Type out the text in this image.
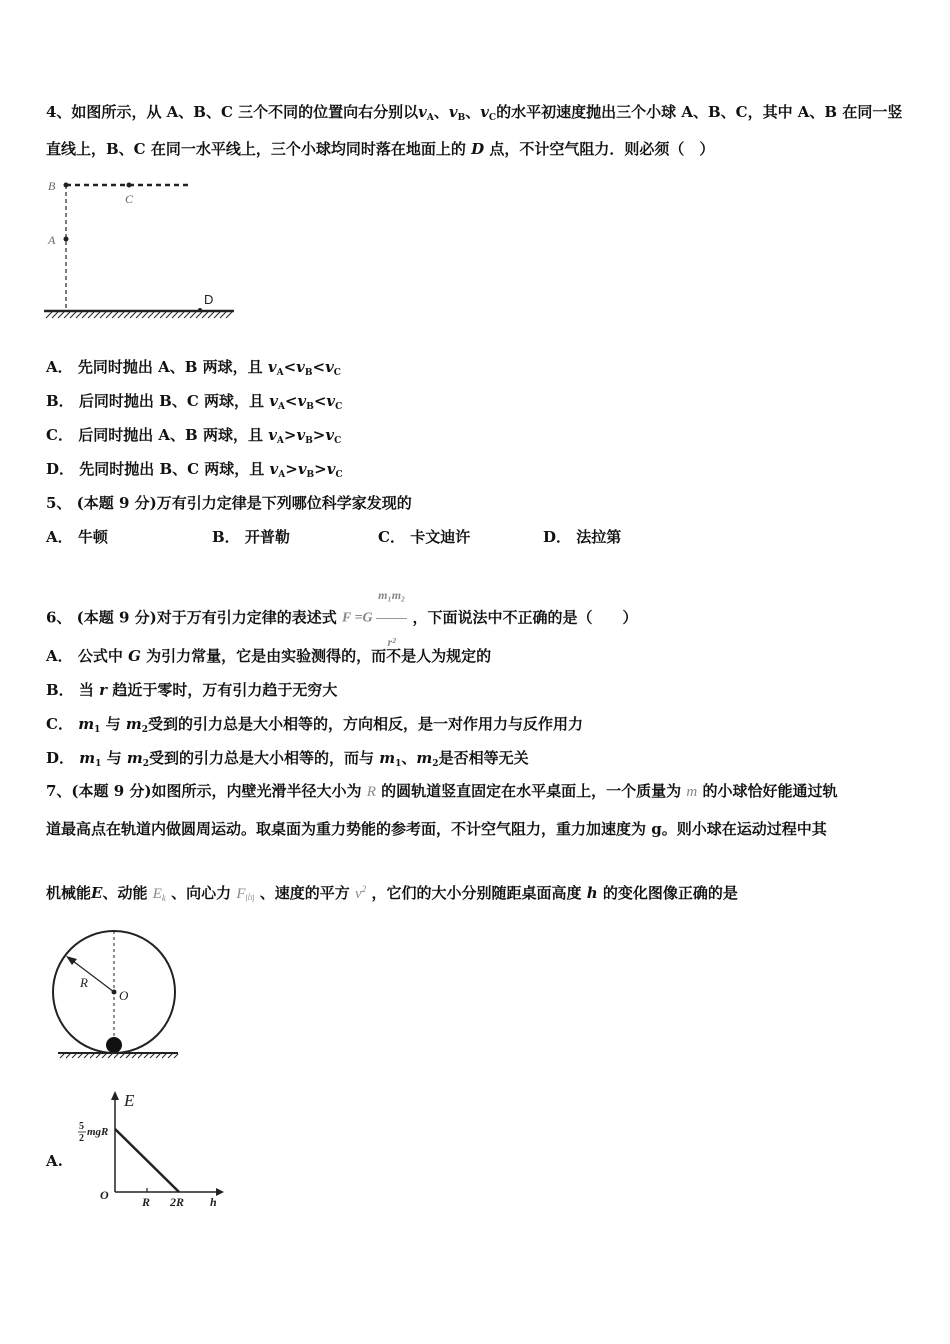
4、如图所示，从 A、B、C 三个不同的位置向右分别以$v_A$、$v_B$、$v_C$的水平初速度抛出三个小球 A、B、C，其中 A、B 在同一竖
直线上，B、C 在同一水平线上，三个小球均同时落在地面上的 D 点，不计空气阻力．则必须（　）
B
C
A
D
A． 先同时抛出 A、B 两球，且 $v_A<v_B<v_C$
B． 后同时抛出 B、C 两球，且 $v_A<v_B<v_C$
C． 后同时抛出 A、B 两球，且 $v_A>v_B>v_C$
D． 先同时抛出 B、C 两球，且 $v_A>v_B>v_C$
5、 (本题 9 分)万有引力定律是下列哪位科学家发现的
A． 牛顿	B． 开普勒	C． 卡文迪许	D． 法拉第
6、 (本题 9 分)对于万有引力定律的表述式 $F =G \frac{\text{m₁m₂}}{\text{r²}}$ ，下面说法中不正确的是（　　）
A． 公式中 G 为引力常量，它是由实验测得的，而不是人为规定的
B． 当 r 趋近于零时，万有引力趋于无穷大
C． $m_1$ 与 $m_2$受到的引力总是大小相等的，方向相反，是一对作用力与反作用力
D． $m_1$ 与 $m_2$受到的引力总是大小相等的，而与 $m_1$、$m_2$是否相等无关
7、(本题 9 分)如图所示，内壁光滑半径大小为 R 的圆轨道竖直固定在水平桌面上，一个质量为 m 的小球恰好能通过轨
道最高点在轨道内做圆周运动。取桌面为重力势能的参考面，不计空气阻力，重力加速度为 g。则小球在运动过程中其
机械能E、动能 $E_k$ 、向心力 $F_向$ 、速度的平方 $v^2$ ，它们的大小分别随距桌面高度 h 的变化图像正确的是
R
O
A.
E
5
2
mgR
O	R 2R h
